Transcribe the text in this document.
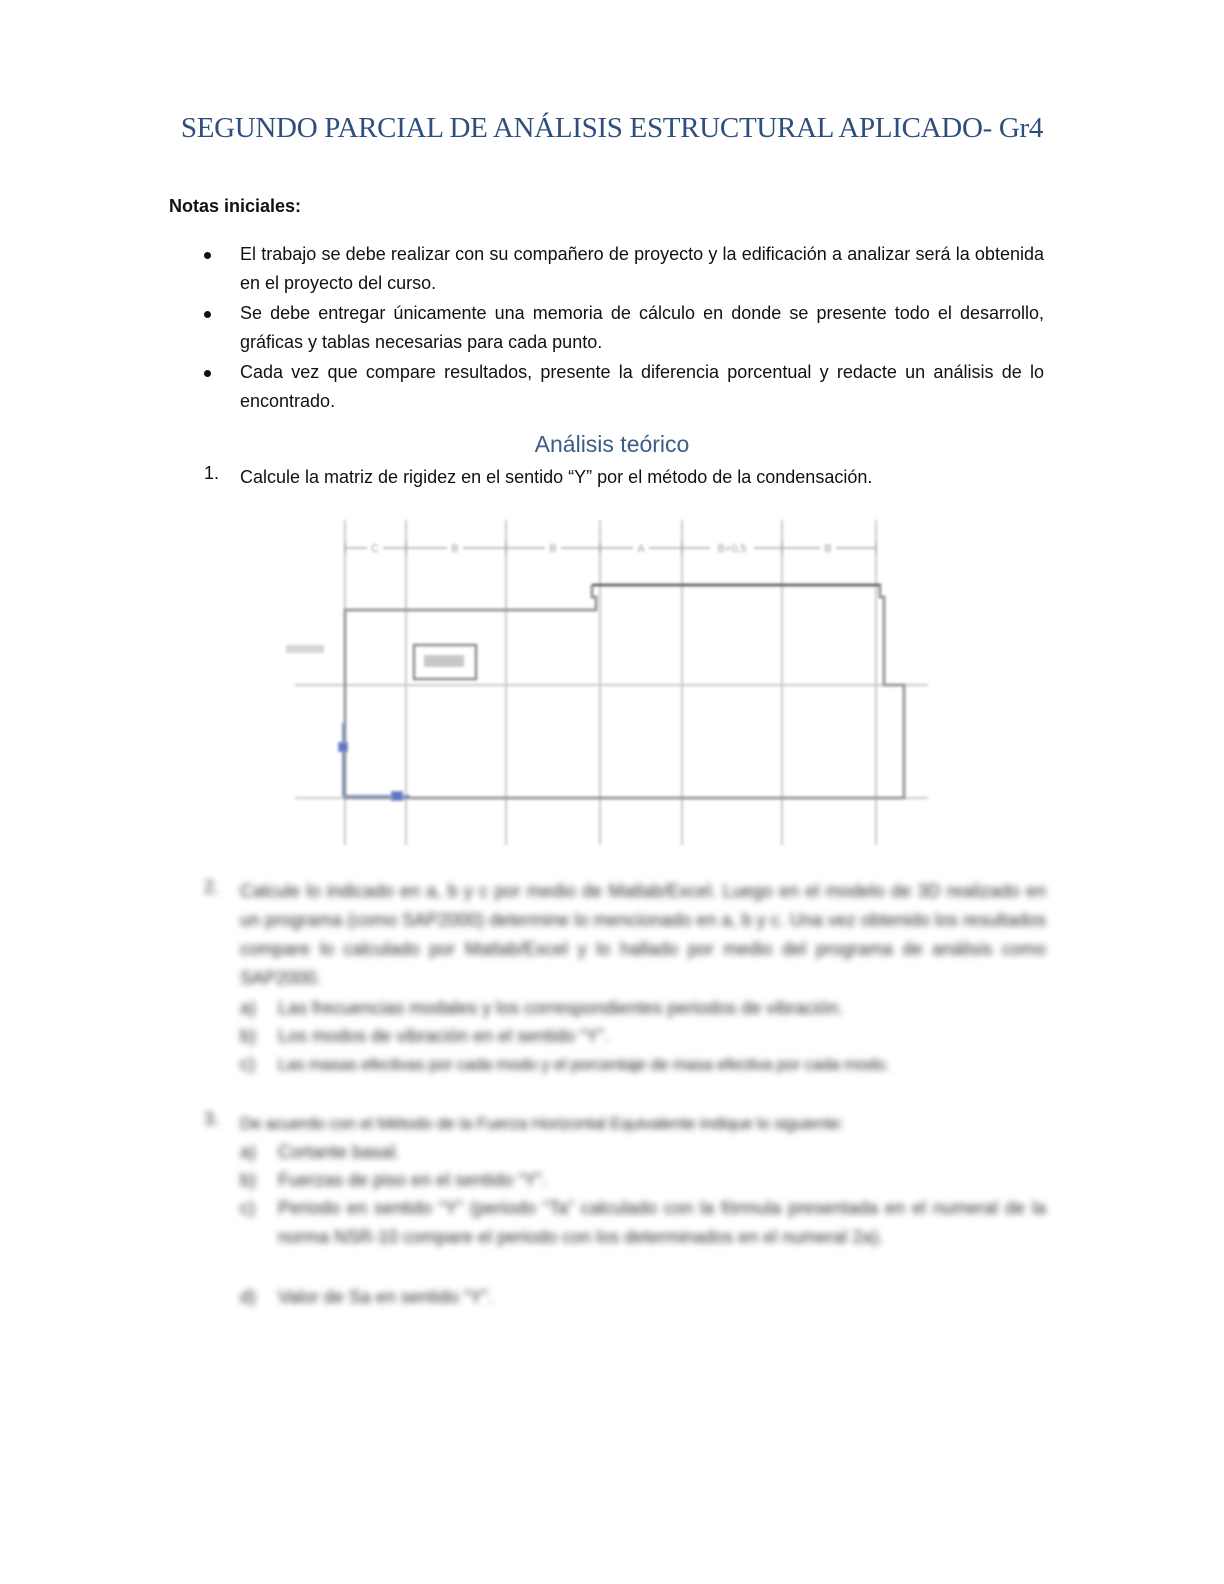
SEGUNDO PARCIAL DE ANÁLISIS ESTRUCTURAL APLICADO- Gr4

Notas iniciales:

El trabajo se debe realizar con su compañero de proyecto y la edificación a analizar será la obtenida en el proyecto del curso.
Se debe entregar únicamente una memoria de cálculo en donde se presente todo el desarrollo, gráficas y tablas necesarias para cada punto.
Cada vez que compare resultados, presente la diferencia porcentual y redacte un análisis de lo encontrado.
Análisis teórico
1. Calcule la matriz de rigidez en el sentido “Y” por el método de la condensación.
C	B	B	A	B+0,5	B
2. Calcule lo indicado en a, b y c por medio de Matlab/Excel. Luego en el modelo de 3D realizado en un programa (como SAP2000) determine lo mencionado en a, b y c. Una vez obtenido los resultados compare lo calculado por Matlab/Excel y lo hallado por medio del programa de análisis como SAP2000.
a) Las frecuencias modales y los correspondientes periodos de vibración.
b) Los modos de vibración en el sentido “Y”.
c) Las masas efectivas por cada modo y el porcentaje de masa efectiva por cada modo.
3. De acuerdo con el Método de la Fuerza Horizontal Equivalente indique lo siguiente:
a) Cortante basal.
b) Fuerzas de piso en el sentido “Y”.
c) Periodo en sentido “Y” (periodo “Ta” calculado con la fórmula presentada en el numeral de la norma NSR-10 compare el periodo con los determinados en el numeral 2a).
d) Valor de Sa en sentido “Y”.
